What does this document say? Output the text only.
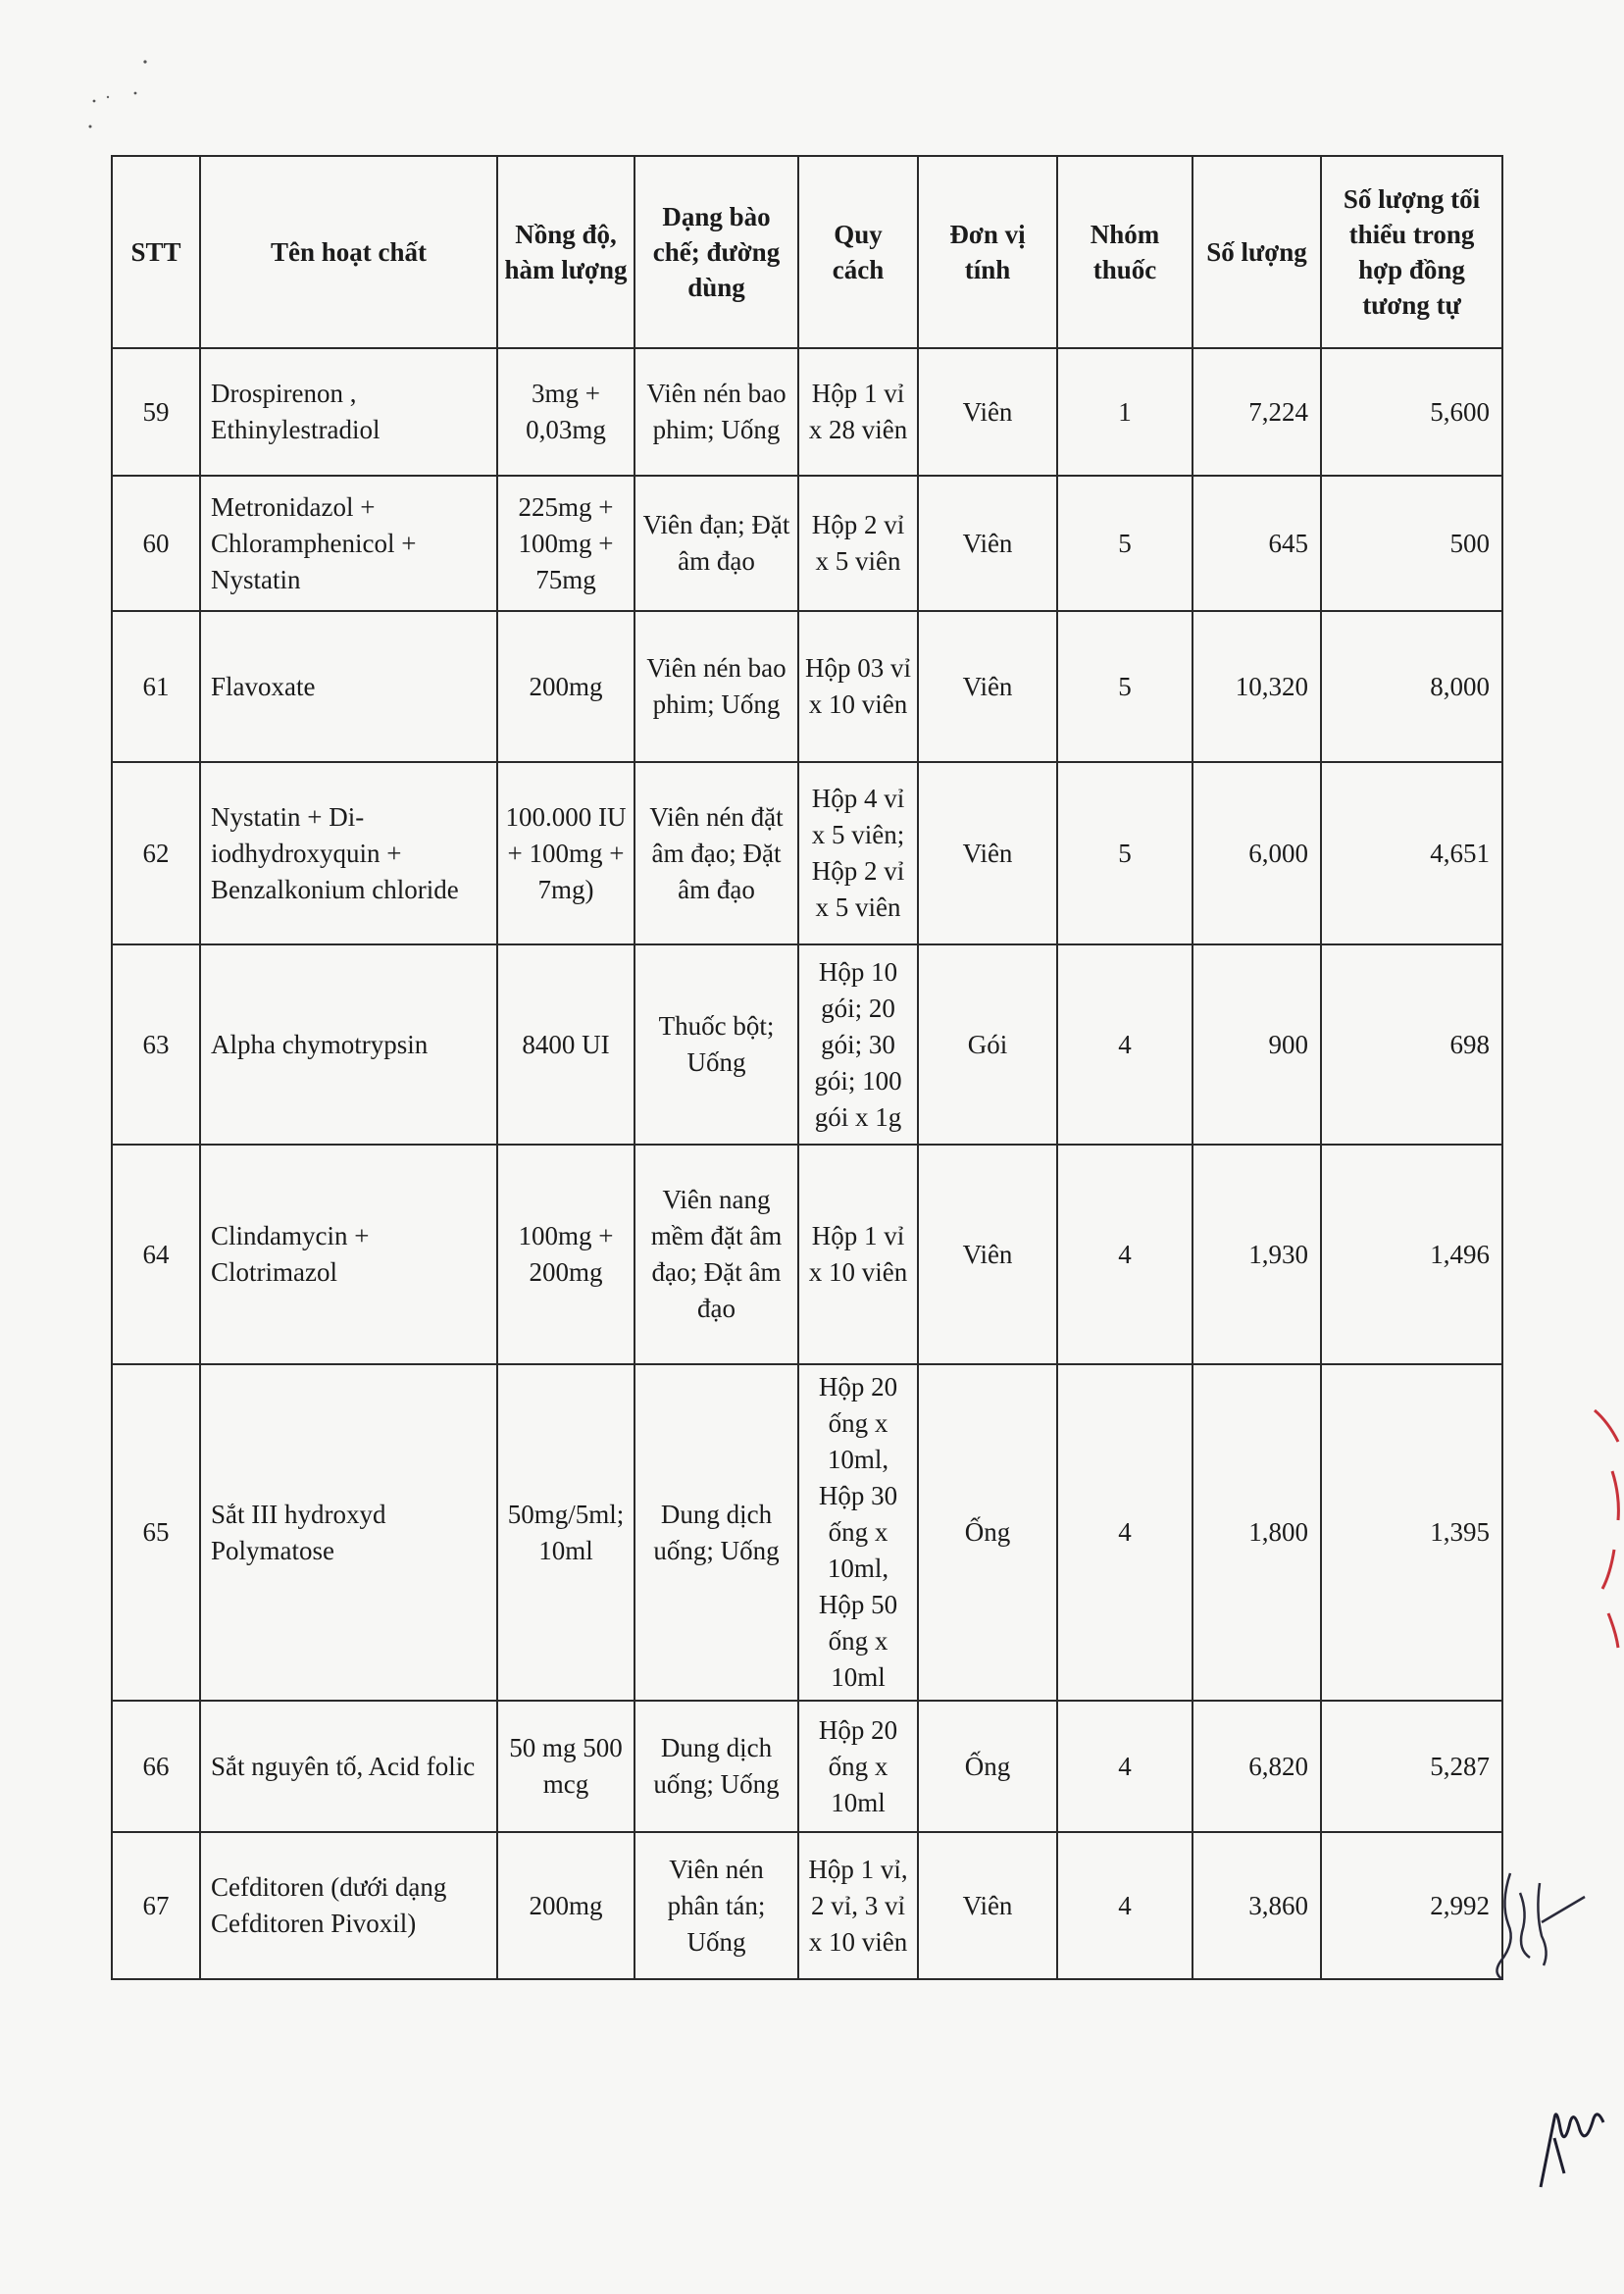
STT	Tên hoạt chất	Nồng độ, hàm lượng	Dạng bào chế; đường dùng	Quy cách	Đơn vị tính	Nhóm thuốc	Số lượng	Số lượng tối thiểu trong hợp đồng tương tự
59	Drospirenon , Ethinylestradiol	3mg + 0,03mg	Viên nén bao phim; Uống	Hộp 1 vỉ x 28 viên	Viên	1	7,224	5,600
60	Metronidazol + Chloramphenicol + Nystatin	225mg + 100mg + 75mg	Viên đạn; Đặt âm đạo	Hộp 2 vỉ x 5 viên	Viên	5	645	500
61	Flavoxate	200mg	Viên nén bao phim; Uống	Hộp 03 vỉ x 10 viên	Viên	5	10,320	8,000
62	Nystatin + Di-iodhydroxyquin + Benzalkonium chloride	100.000 IU + 100mg + 7mg)	Viên nén đặt âm đạo; Đặt âm đạo	Hộp 4 vỉ x 5 viên; Hộp 2 vỉ x 5 viên	Viên	5	6,000	4,651
63	Alpha chymotrypsin	8400 UI	Thuốc bột; Uống	Hộp 10 gói; 20 gói; 30 gói; 100 gói x 1g	Gói	4	900	698
64	Clindamycin + Clotrimazol	100mg + 200mg	Viên nang mềm đặt âm đạo; Đặt âm đạo	Hộp 1 vỉ x 10 viên	Viên	4	1,930	1,496
65	Sắt III hydroxyd Polymatose	50mg/5ml; 10ml	Dung dịch uống; Uống	Hộp 20 ống x 10ml, Hộp 30 ống x 10ml, Hộp 50 ống x 10ml	Ống	4	1,800	1,395
66	Sắt nguyên tố, Acid folic	50 mg 500 mcg	Dung dịch uống; Uống	Hộp 20 ống x 10ml	Ống	4	6,820	5,287
67	Cefditoren (dưới dạng Cefditoren Pivoxil)	200mg	Viên nén phân tán; Uống	Hộp 1 vỉ, 2 vỉ, 3 vỉ x 10 viên	Viên	4	3,860	2,992
